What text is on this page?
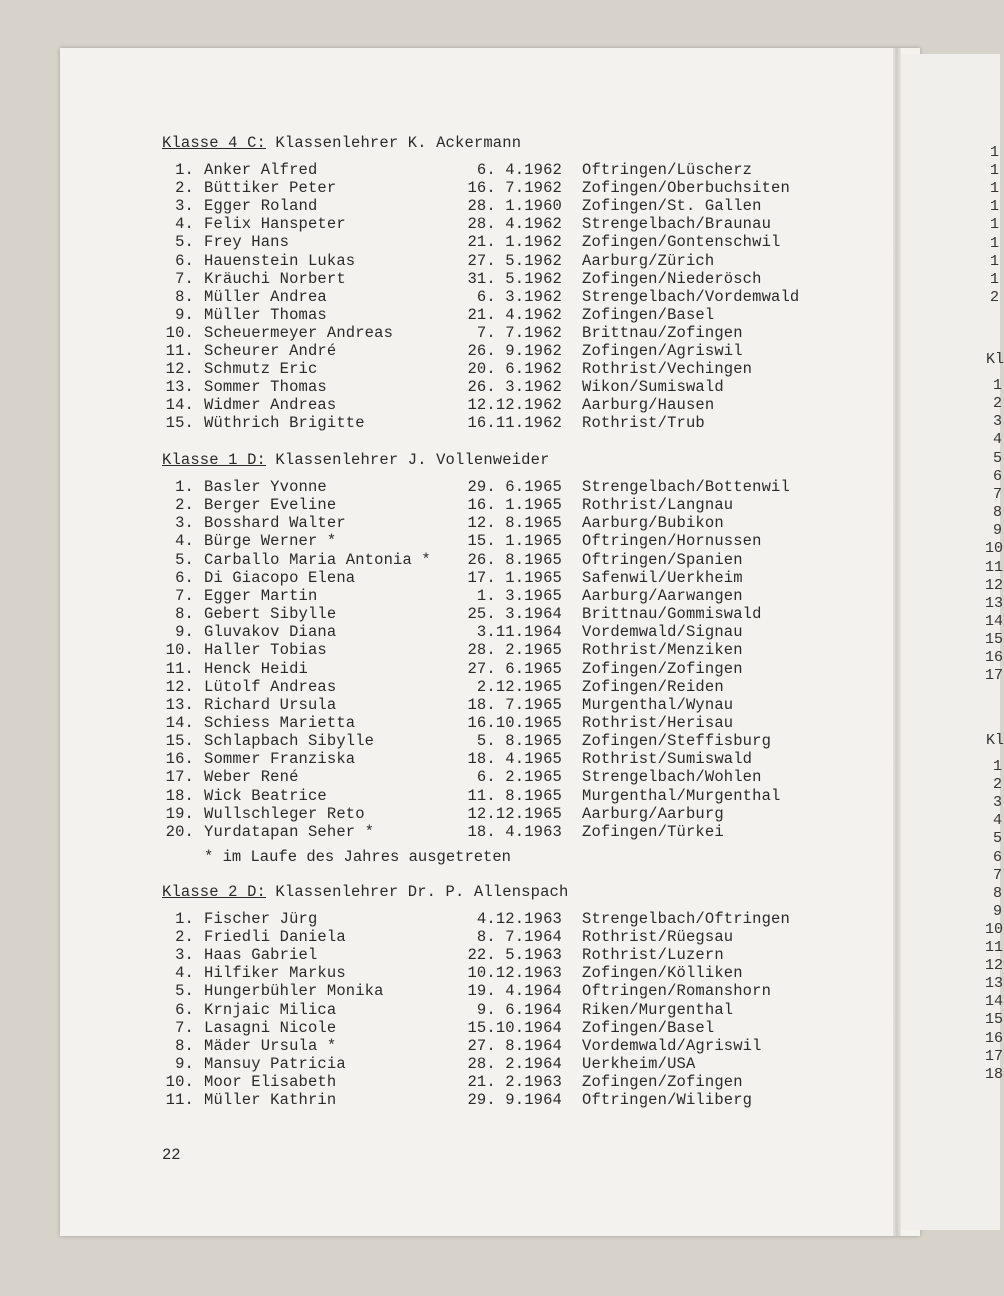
1
1
1
1
1
1
1
1
2
Kl
1
2
3
4
5
6
7
8
9
10
11
12
13
14
15
16
17
Kl
1
2
3
4
5
6
7
8
9
10
11
12
13
14
15
16
17
18
22
Klasse 4 C: Klassenlehrer K. Ackermann
1. Anker Alfred	6. 4.1962 Oftringen/Lüscherz
2. Büttiker Peter	16. 7.1962 Zofingen/Oberbuchsiten
3. Egger Roland	28. 1.1960 Zofingen/St. Gallen
4. Felix Hanspeter	28. 4.1962 Strengelbach/Braunau
5. Frey Hans	21. 1.1962 Zofingen/Gontenschwil
6. Hauenstein Lukas	27. 5.1962 Aarburg/Zürich
7. Kräuchi Norbert	31. 5.1962 Zofingen/Niederösch
8. Müller Andrea	6. 3.1962 Strengelbach/Vordemwald
9. Müller Thomas	21. 4.1962 Zofingen/Basel
10. Scheuermeyer Andreas	7. 7.1962 Brittnau/Zofingen
11. Scheurer André	26. 9.1962 Zofingen/Agriswil
12. Schmutz Eric	20. 6.1962 Rothrist/Vechingen
13. Sommer Thomas	26. 3.1962 Wikon/Sumiswald
14. Widmer Andreas	12.12.1962 Aarburg/Hausen
15. Wüthrich Brigitte	16.11.1962 Rothrist/Trub
Klasse 1 D: Klassenlehrer J. Vollenweider
1. Basler Yvonne	29. 6.1965 Strengelbach/Bottenwil
2. Berger Eveline	16. 1.1965 Rothrist/Langnau
3. Bosshard Walter	12. 8.1965 Aarburg/Bubikon
4. Bürge Werner *	15. 1.1965 Oftringen/Hornussen
5. Carballo Maria Antonia *	26. 8.1965 Oftringen/Spanien
6. Di Giacopo Elena	17. 1.1965 Safenwil/Uerkheim
7. Egger Martin	1. 3.1965 Aarburg/Aarwangen
8. Gebert Sibylle	25. 3.1964 Brittnau/Gommiswald
9. Gluvakov Diana	3.11.1964 Vordemwald/Signau
10. Haller Tobias	28. 2.1965 Rothrist/Menziken
11. Henck Heidi	27. 6.1965 Zofingen/Zofingen
12. Lütolf Andreas	2.12.1965 Zofingen/Reiden
13. Richard Ursula	18. 7.1965 Murgenthal/Wynau
14. Schiess Marietta	16.10.1965 Rothrist/Herisau
15. Schlapbach Sibylle	5. 8.1965 Zofingen/Steffisburg
16. Sommer Franziska	18. 4.1965 Rothrist/Sumiswald
17. Weber René	6. 2.1965 Strengelbach/Wohlen
18. Wick Beatrice	11. 8.1965 Murgenthal/Murgenthal
19. Wullschleger Reto	12.12.1965 Aarburg/Aarburg
20. Yurdatapan Seher *	18. 4.1963 Zofingen/Türkei
* im Laufe des Jahres ausgetreten
Klasse 2 D: Klassenlehrer Dr. P. Allenspach
1. Fischer Jürg	4.12.1963 Strengelbach/Oftringen
2. Friedli Daniela	8. 7.1964 Rothrist/Rüegsau
3. Haas Gabriel	22. 5.1963 Rothrist/Luzern
4. Hilfiker Markus	10.12.1963 Zofingen/Kölliken
5. Hungerbühler Monika	19. 4.1964 Oftringen/Romanshorn
6. Krnjaic Milica	9. 6.1964 Riken/Murgenthal
7. Lasagni Nicole	15.10.1964 Zofingen/Basel
8. Mäder Ursula *	27. 8.1964 Vordemwald/Agriswil
9. Mansuy Patricia	28. 2.1964 Uerkheim/USA
10. Moor Elisabeth	21. 2.1963 Zofingen/Zofingen
11. Müller Kathrin	29. 9.1964 Oftringen/Wiliberg
